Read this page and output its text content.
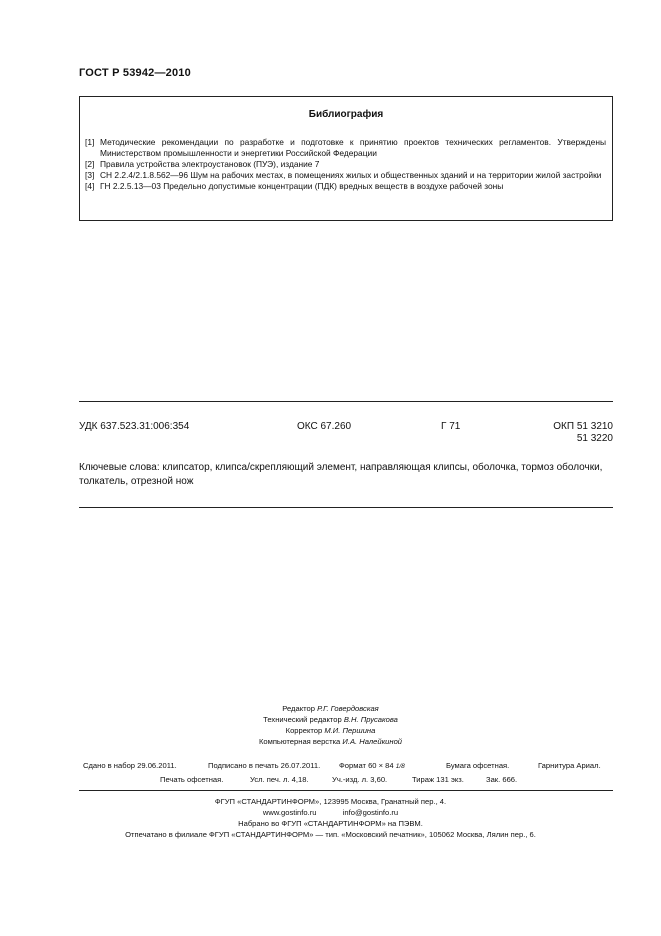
ГОСТ Р 53942—2010
Библиография
[1] Методические рекомендации по разработке и подготовке к принятию проектов технических регламентов. Утверждены Министерством промышленности и энергетики Российской Федерации
[2] Правила устройства электроустановок (ПУЭ), издание 7
[3] СН 2.2.4/2.1.8.562—96 Шум на рабочих местах, в помещениях жилых и общественных зданий и на территории жилой застройки
[4] ГН 2.2.5.13—03 Предельно допустимые концентрации (ПДК) вредных веществ в воздухе рабочей зоны
УДК 637.523.31:006:354	ОКС 67.260	Г 71	ОКП 51 3210
51 3220
Ключевые слова: клипсатор, клипса/скрепляющий элемент, направляющая клипсы, оболочка, тормоз оболочки, толкатель, отрезной нож
Редактор Р.Г. Говердовская
Технический редактор В.Н. Прусакова
Корректор М.И. Першина
Компьютерная верстка И.А. Налейкиной
Сдано в набор 29.06.2011.	Подписано в печать 26.07.2011. Формат 60 × 84 1/8	Бумага офсетная.	Гарнитура Ариал.
Печать офсетная.	Усл. печ. л. 4,18.	Уч.-изд. л. 3,60.	Тираж 131 экз.	Зак. 666.
ФГУП «СТАНДАРТИНФОРМ», 123995 Москва, Гранатный пер., 4.
www.gostinfo.ru	info@gostinfo.ru
Набрано во ФГУП «СТАНДАРТИНФОРМ» на ПЭВМ.
Отпечатано в филиале ФГУП «СТАНДАРТИНФОРМ» — тип. «Московский печатник», 105062 Москва, Лялин пер., 6.
